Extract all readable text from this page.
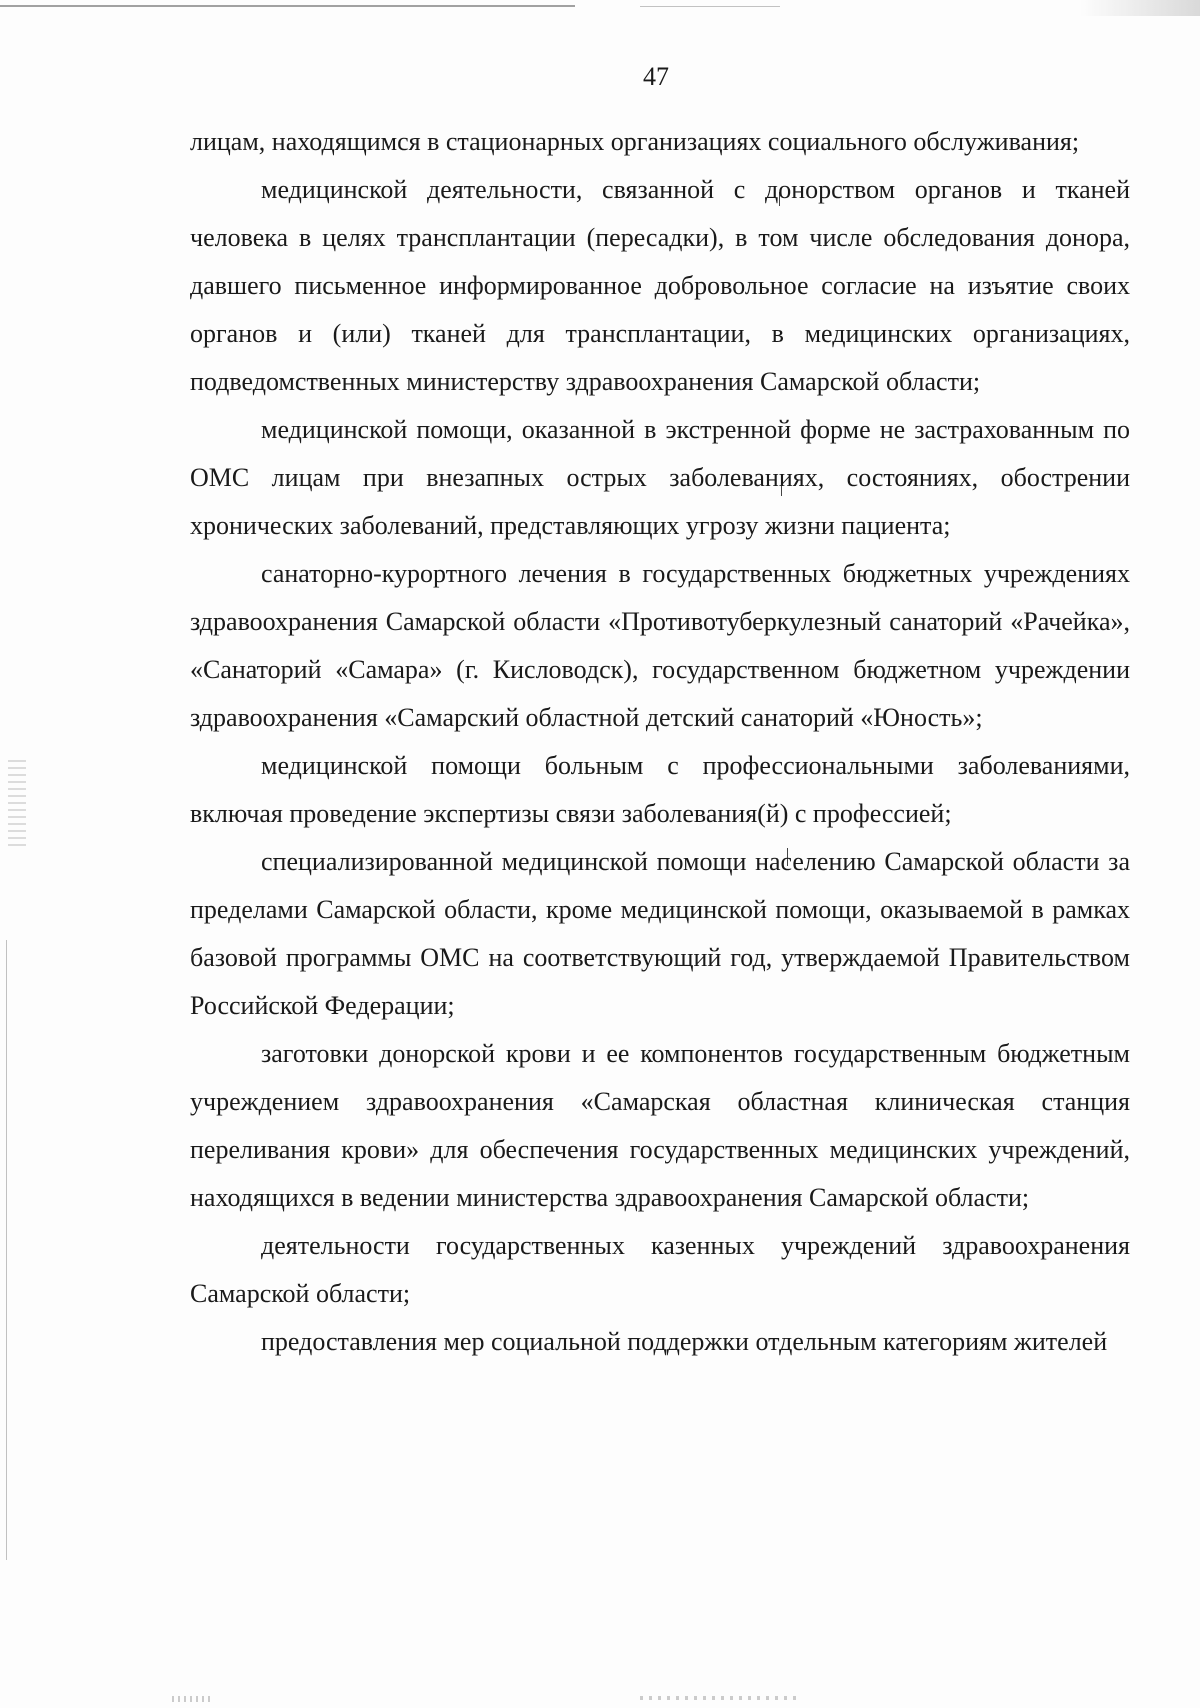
47

лицам, находящимся в стационарных организациях социального обслуживания;

медицинской деятельности, связанной с донорством органов и тканей человека в целях трансплантации (пересадки), в том числе обследования донора, давшего письменное информированное добровольное согласие на изъятие своих органов и (или) тканей для трансплантации, в медицинских организациях, подведомственных министерству здравоохранения Самарской области;

медицинской помощи, оказанной в экстренной форме не застрахованным по ОМС лицам при внезапных острых заболеваниях, состояниях, обострении хронических заболеваний, представляющих угрозу жизни пациента;

санаторно-курортного лечения в государственных бюджетных учреждениях здравоохранения Самарской области «Противотуберкулезный санаторий «Рачейка», «Санаторий «Самара» (г. Кисловодск), государственном бюджетном учреждении здравоохранения «Самарский областной детский санаторий «Юность»;

медицинской помощи больным с профессиональными заболеваниями, включая проведение экспертизы связи заболевания(й) с профессией;

специализированной медицинской помощи населению Самарской области за пределами Самарской области, кроме медицинской помощи, оказываемой в рамках базовой программы ОМС на соответствующий год, утверждаемой Правительством Российской Федерации;

заготовки донорской крови и ее компонентов государственным бюджетным учреждением здравоохранения «Самарская областная клиническая станция переливания крови» для обеспечения государственных медицинских учреждений, находящихся в ведении министерства здравоохранения Самарской области;

деятельности государственных казенных учреждений здравоохранения Самарской области;

предоставления мер социальной поддержки отдельным категориям жителей
